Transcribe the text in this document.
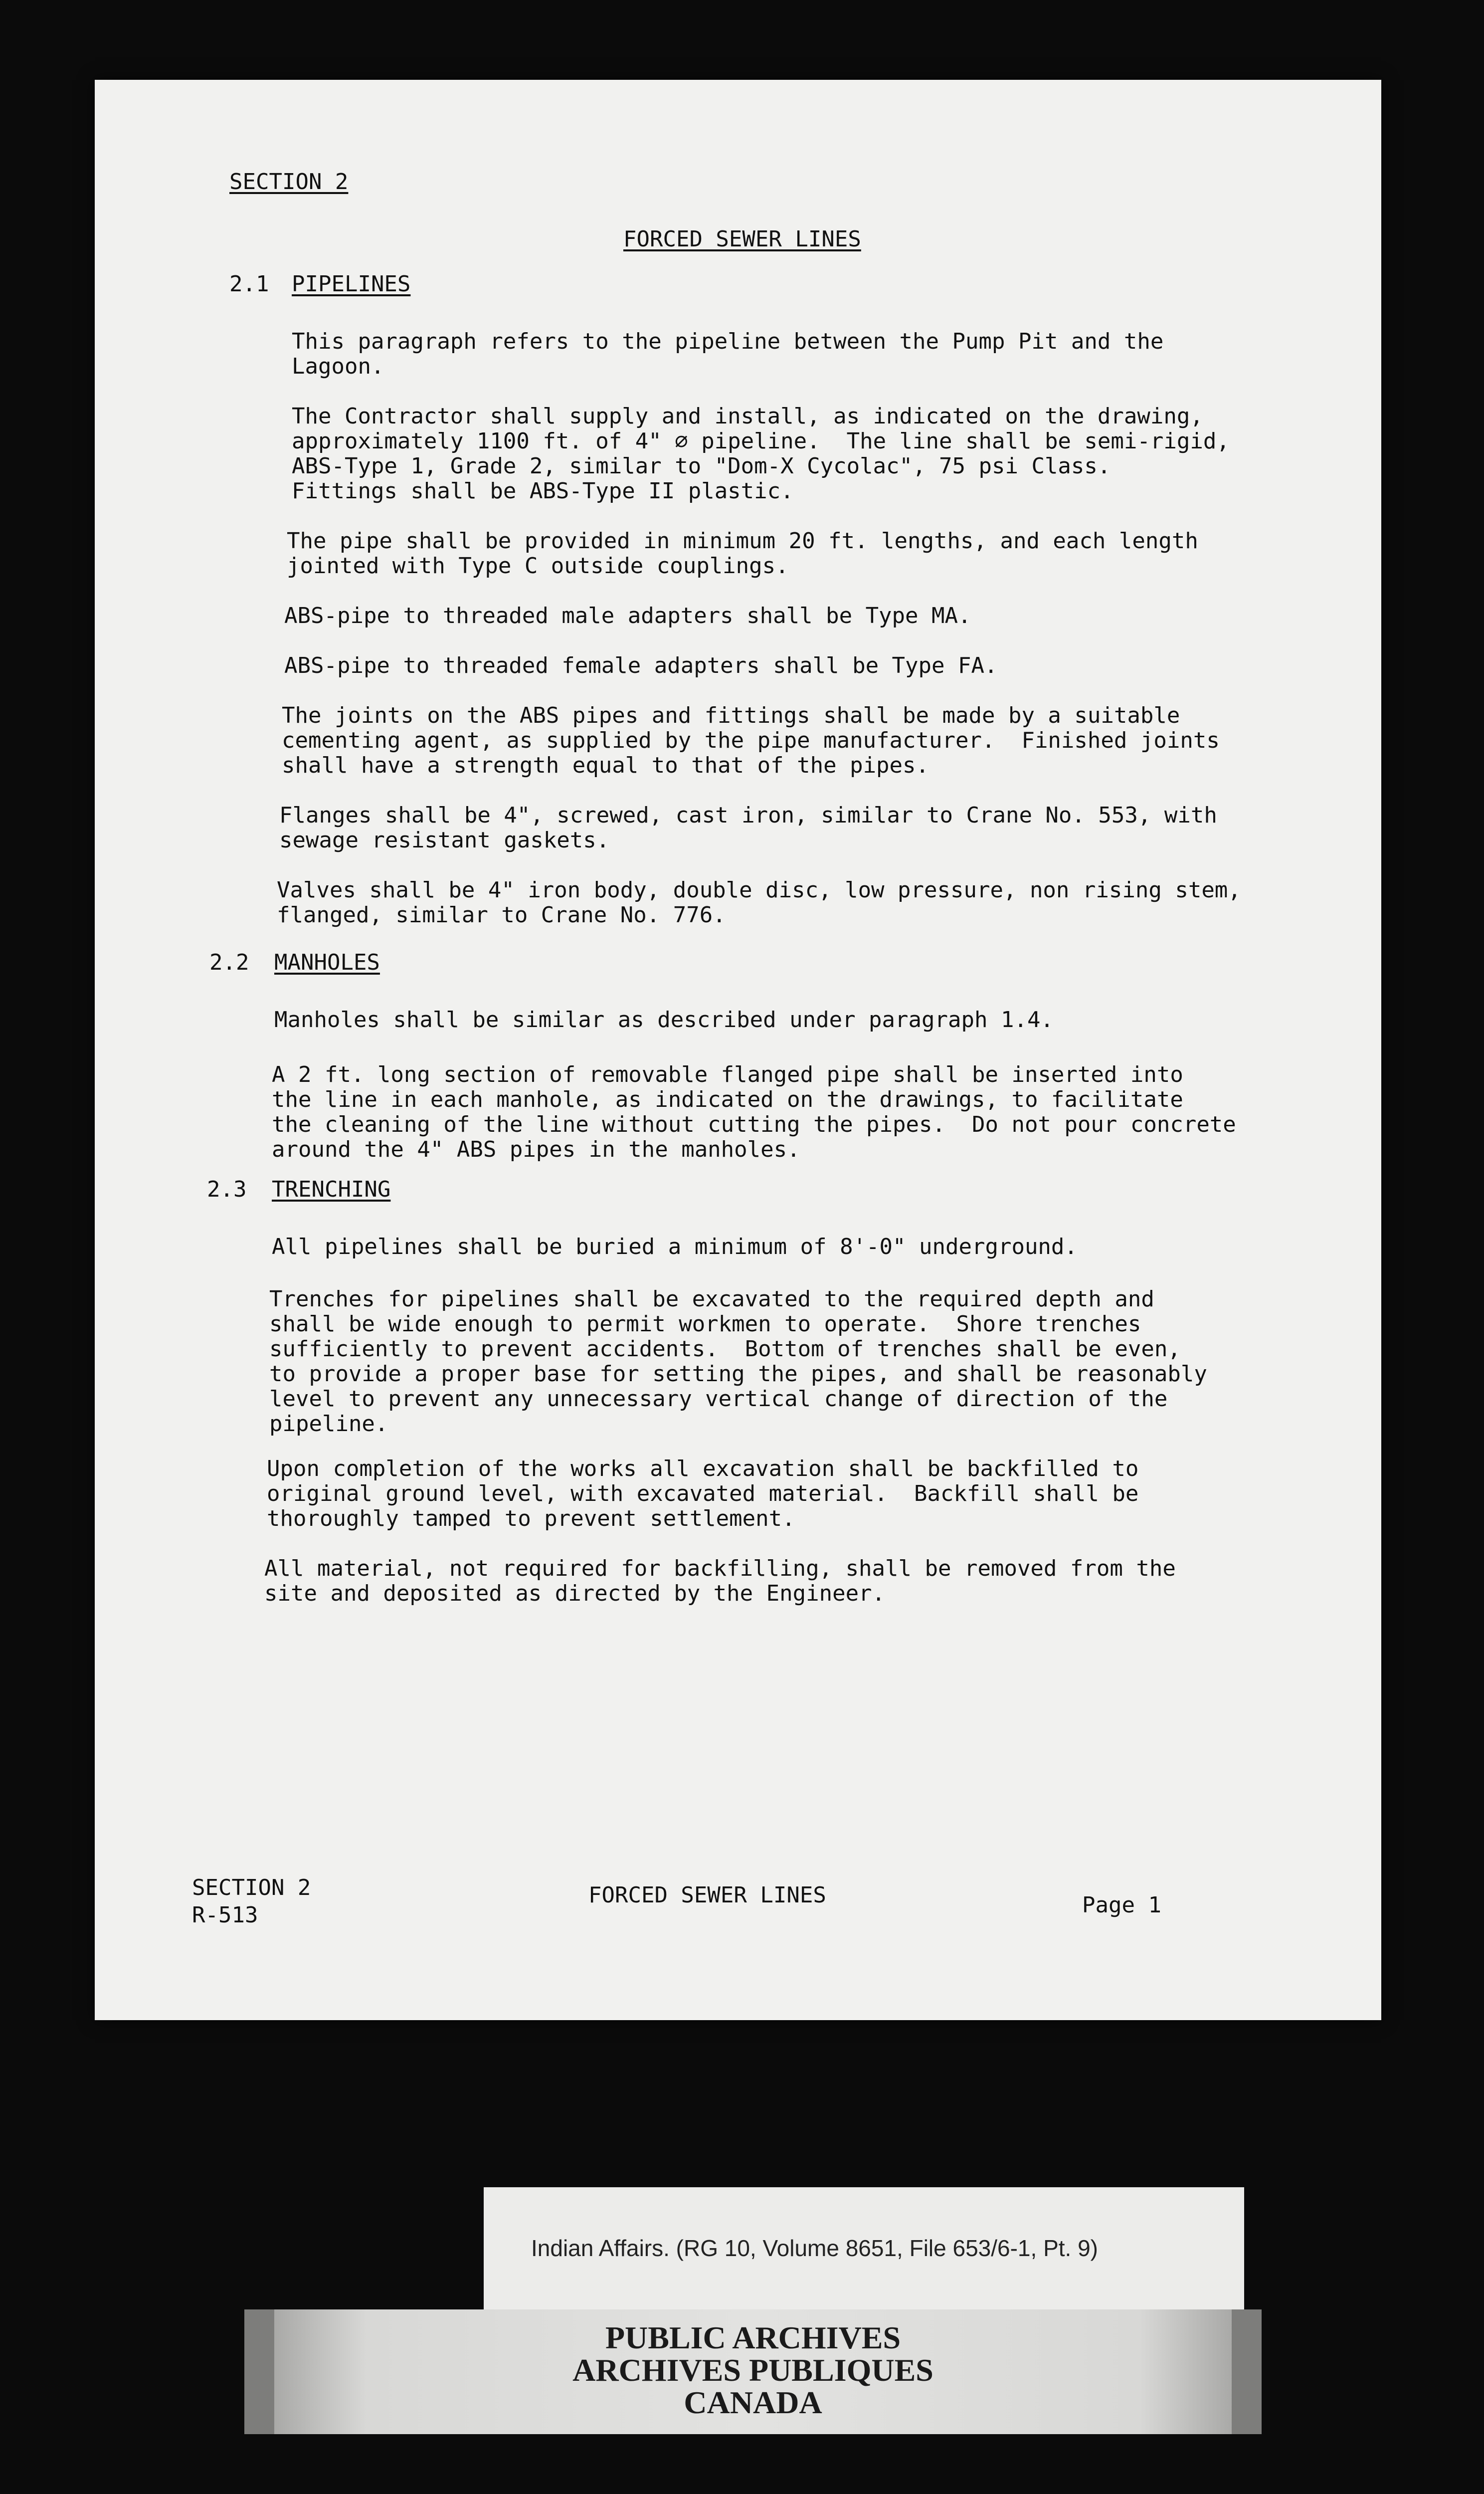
SECTION 2
FORCED SEWER LINES
2.1 PIPELINES
This paragraph refers to the pipeline between the Pump Pit and the
Lagoon.
The Contractor shall supply and install, as indicated on the drawing,
approximately 1100 ft. of 4" ∅ pipeline.  The line shall be semi-rigid,
ABS-Type 1, Grade 2, similar to "Dom-X Cycolac", 75 psi Class.
Fittings shall be ABS-Type II plastic.
The pipe shall be provided in minimum 20 ft. lengths, and each length
jointed with Type C outside couplings.
ABS-pipe to threaded male adapters shall be Type MA.
ABS-pipe to threaded female adapters shall be Type FA.
The joints on the ABS pipes and fittings shall be made by a suitable
cementing agent, as supplied by the pipe manufacturer.  Finished joints
shall have a strength equal to that of the pipes.
Flanges shall be 4", screwed, cast iron, similar to Crane No. 553, with
sewage resistant gaskets.
Valves shall be 4" iron body, double disc, low pressure, non rising stem,
flanged, similar to Crane No. 776.
2.2 MANHOLES
Manholes shall be similar as described under paragraph 1.4.
A 2 ft. long section of removable flanged pipe shall be inserted into
the line in each manhole, as indicated on the drawings, to facilitate
the cleaning of the line without cutting the pipes.  Do not pour concrete
around the 4" ABS pipes in the manholes.
2.3 TRENCHING
All pipelines shall be buried a minimum of 8'-0" underground.
Trenches for pipelines shall be excavated to the required depth and
shall be wide enough to permit workmen to operate.  Shore trenches
sufficiently to prevent accidents.  Bottom of trenches shall be even,
to provide a proper base for setting the pipes, and shall be reasonably
level to prevent any unnecessary vertical change of direction of the
pipeline.
Upon completion of the works all excavation shall be backfilled to
original ground level, with excavated material.  Backfill shall be
thoroughly tamped to prevent settlement.
All material, not required for backfilling, shall be removed from the
site and deposited as directed by the Engineer.
SECTION 2
R-513
FORCED SEWER LINES	Page 1
Indian Affairs. (RG 10, Volume 8651, File 653/6-1, Pt. 9)
PUBLIC ARCHIVES
ARCHIVES PUBLIQUES
CANADA
